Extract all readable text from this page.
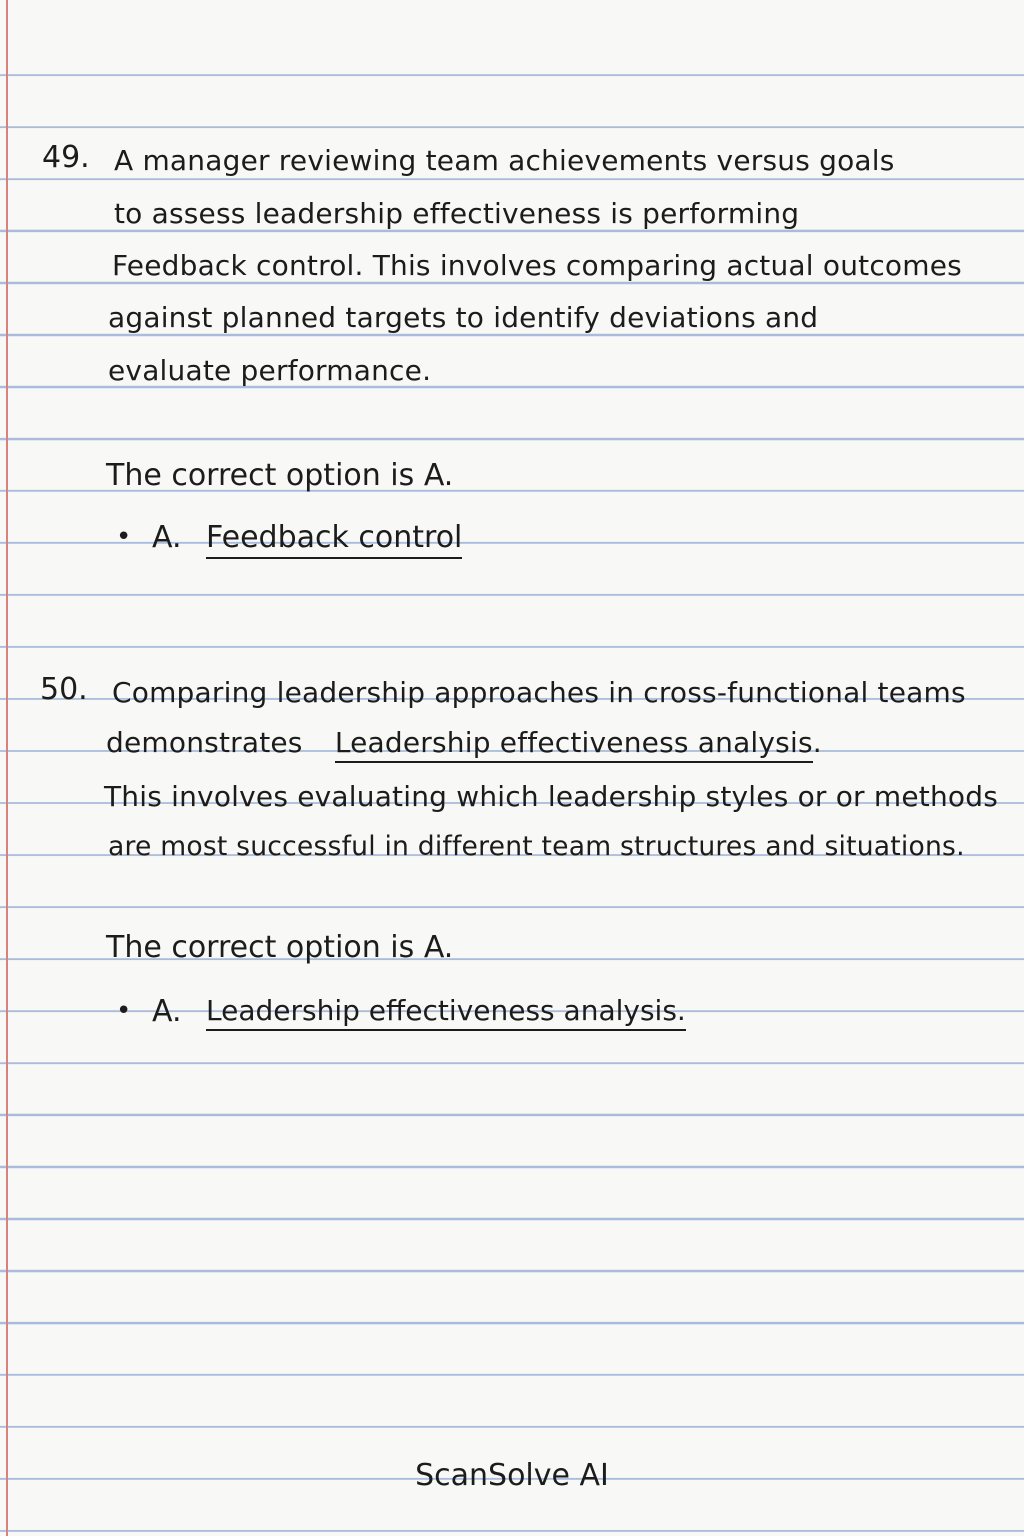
49. A manager reviewing team achievements versus goals
to assess leadership effectiveness is performing
Feedback control. This involves comparing actual outcomes
against planned targets to identify deviations and
evaluate performance.
The correct option is A.
• A. Feedback control
50. Comparing leadership approaches in cross-functional teams
demonstrates Leadership effectiveness analysis.
This involves evaluating which leadership styles or or methods
are most successful in different team structures and situations.
The correct option is A.
• A. Leadership effectiveness analysis.
ScanSolve AI
